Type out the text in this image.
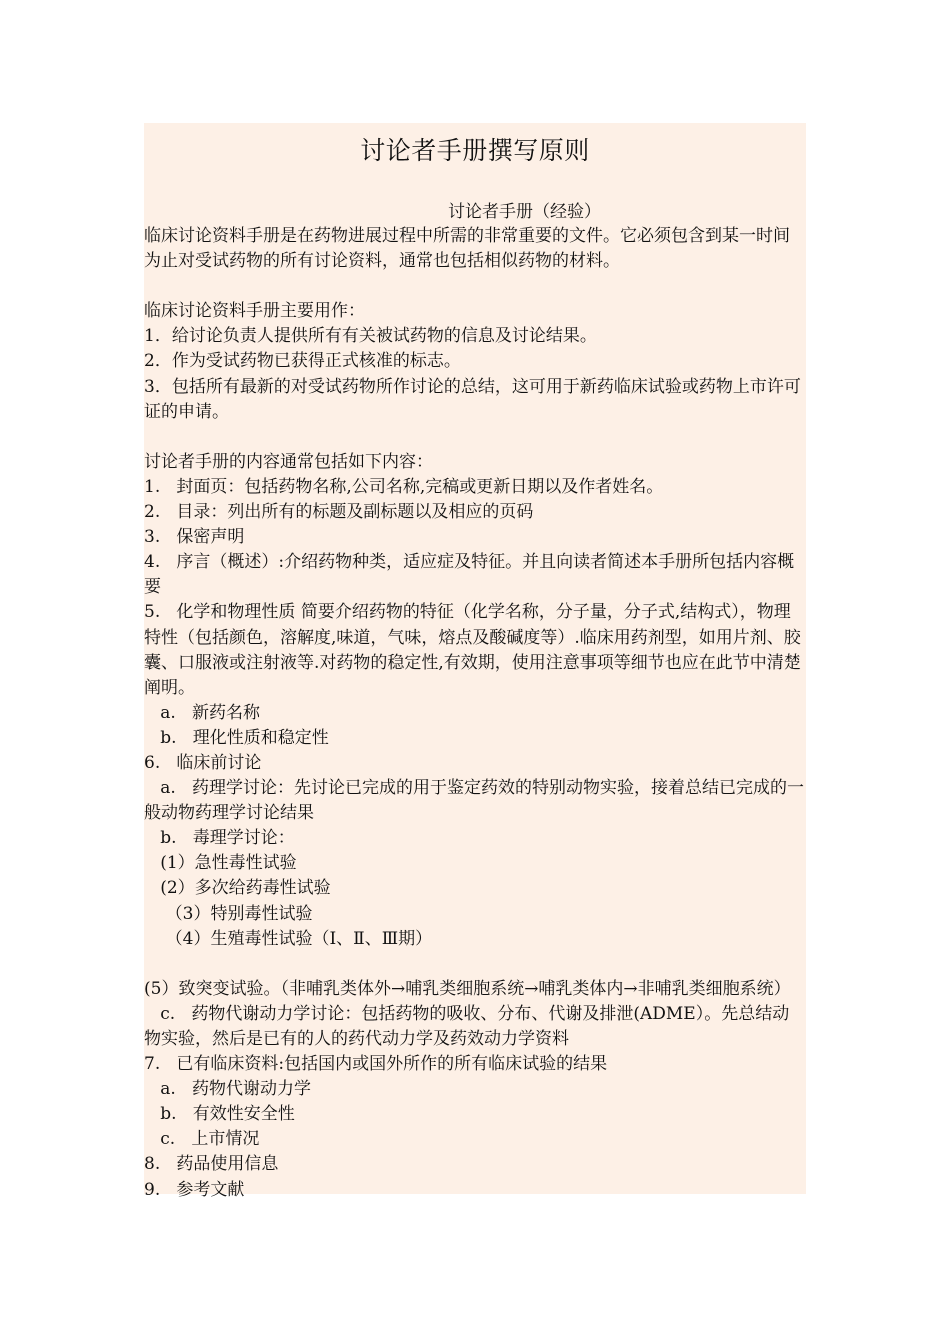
讨论者手册撰写原则
讨论者手册（经验）

临床讨论资料手册是在药物进展过程中所需的非常重要的文件。它必须包含到某一时间为止对受试药物的所有讨论资料，通常也包括相似药物的材料。

临床讨论资料手册主要用作：

1．给讨论负责人提供所有有关被试药物的信息及讨论结果。

2．作为受试药物已获得正式核准的标志。

3．包括所有最新的对受试药物所作讨论的总结，这可用于新药临床试验或药物上市许可证的申请。

讨论者手册的内容通常包括如下内容：

1.   封面页：包括药物名称,公司名称,完稿或更新日期以及作者姓名。

2.   目录：列出所有的标题及副标题以及相应的页码

3.   保密声明

4.   序言（概述）:介绍药物种类，适应症及特征。并且向读者简述本手册所包括内容概要

5.   化学和物理性质 简要介绍药物的特征（化学名称，分子量，分子式,结构式），物理特性（包括颜色，溶解度,味道，气味，熔点及酸碱度等）.临床用药剂型，如用片剂、胶囊、口服液或注射液等.对药物的稳定性,有效期，使用注意事项等细节也应在此节中清楚阐明。

a.   新药名称

b.   理化性质和稳定性

6.   临床前讨论

a.   药理学讨论：先讨论已完成的用于鉴定药效的特别动物实验，接着总结已完成的一般动物药理学讨论结果

b.   毒理学讨论：

(1）急性毒性试验

(2）多次给药毒性试验

（3）特别毒性试验

（4）生殖毒性试验（Ⅰ、Ⅱ、Ⅲ期）

(5）致突变试验。（非哺乳类体外→哺乳类细胞系统→哺乳类体内→非哺乳类细胞系统）

c.   药物代谢动力学讨论：包括药物的吸收、分布、代谢及排泄(ADME）。先总结动物实验，然后是已有的人的药代动力学及药效动力学资料

7.   已有临床资料:包括国内或国外所作的所有临床试验的结果

a.   药物代谢动力学

b.   有效性安全性

c.   上市情况

8.   药品使用信息

9.   参考文献
